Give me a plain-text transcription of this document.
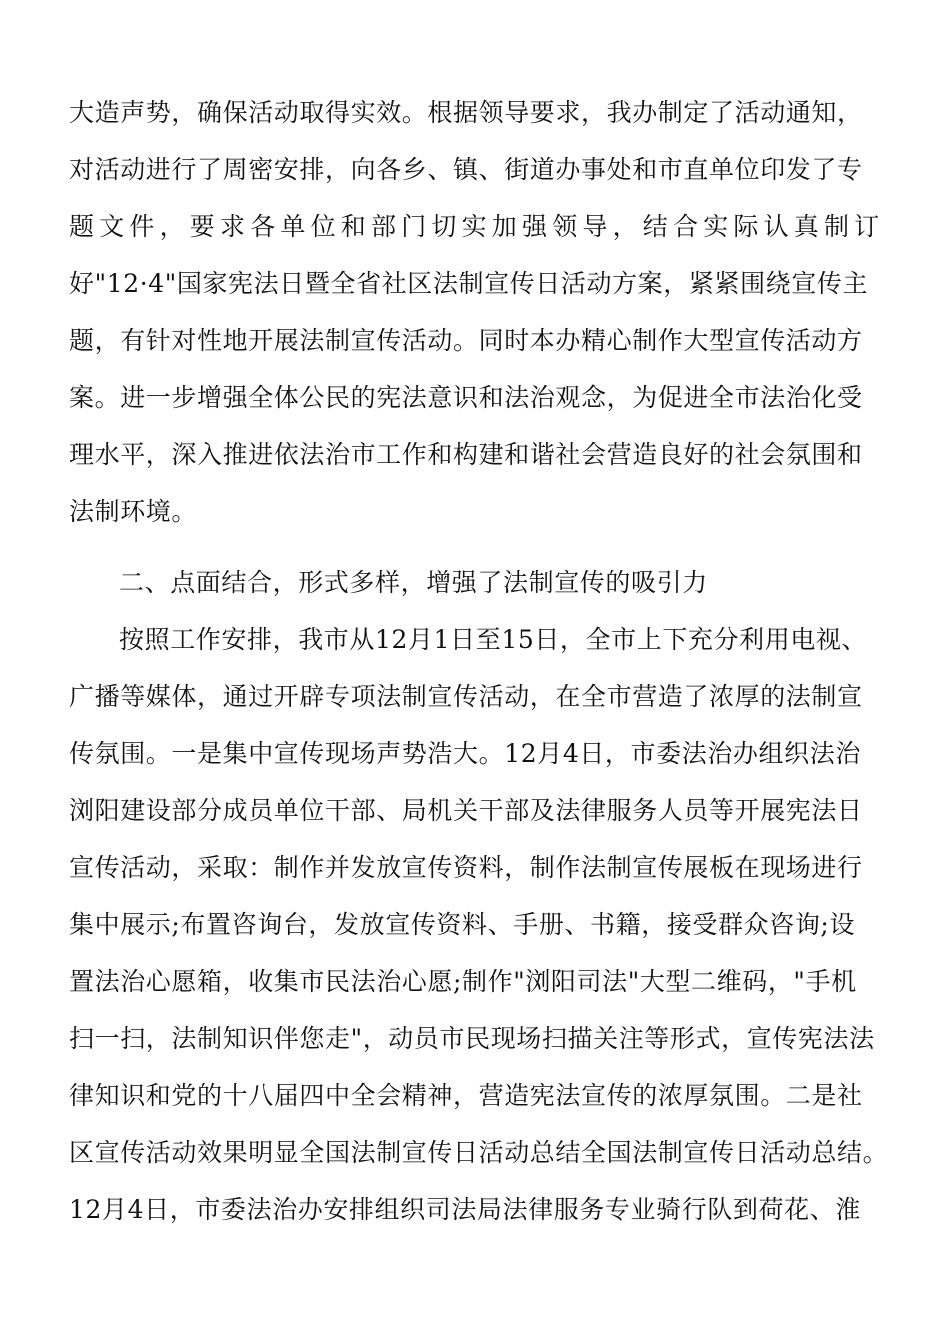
大造声势，确保活动取得实效。根据领导要求，我办制定了活动通知，
对活动进行了周密安排，向各乡、镇、街道办事处和市直单位印发了专
题文件，要求各单位和部门切实加强领导，结合实际认真制订
好"12·4"国家宪法日暨全省社区法制宣传日活动方案，紧紧围绕宣传主
题，有针对性地开展法制宣传活动。同时本办精心制作大型宣传活动方
案。进一步增强全体公民的宪法意识和法治观念，为促进全市法治化受
理水平，深入推进依法治市工作和构建和谐社会营造良好的社会氛围和
法制环境。
二、点面结合，形式多样，增强了法制宣传的吸引力
按照工作安排，我市从12月1日至15日，全市上下充分利用电视、
广播等媒体，通过开辟专项法制宣传活动，在全市营造了浓厚的法制宣
传氛围。一是集中宣传现场声势浩大。12月4日，市委法治办组织法治
浏阳建设部分成员单位干部、局机关干部及法律服务人员等开展宪法日
宣传活动，采取：制作并发放宣传资料，制作法制宣传展板在现场进行
集中展示;布置咨询台，发放宣传资料、手册、书籍，接受群众咨询;设
置法治心愿箱，收集市民法治心愿;制作"浏阳司法"大型二维码，"手机
扫一扫，法制知识伴您走"，动员市民现场扫描关注等形式，宣传宪法法
律知识和党的十八届四中全会精神，营造宪法宣传的浓厚氛围。二是社
区宣传活动效果明显全国法制宣传日活动总结全国法制宣传日活动总结。
12月4日，市委法治办安排组织司法局法律服务专业骑行队到荷花、淮
